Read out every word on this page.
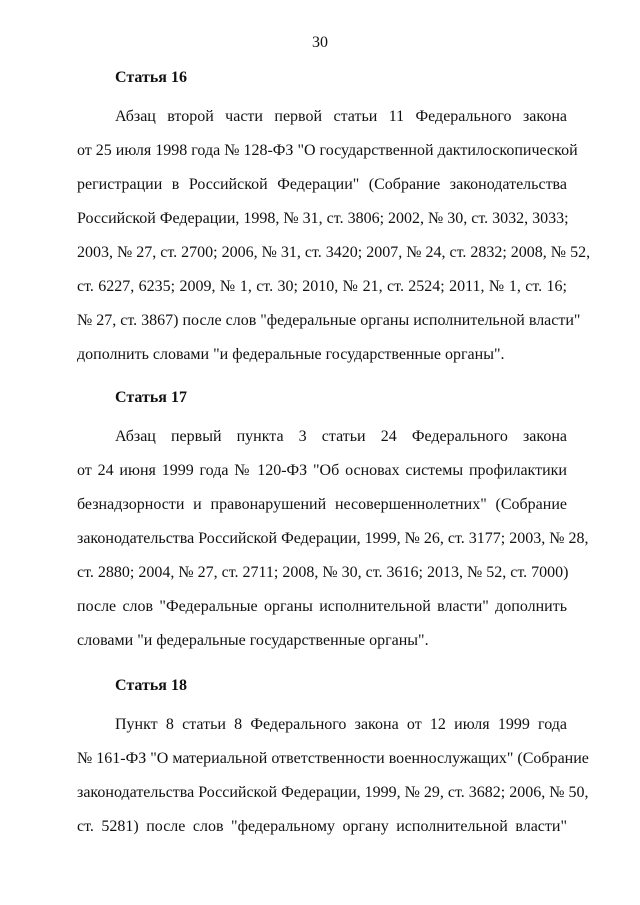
30
Статья 16
Абзац второй части первой статьи 11 Федерального закона
от 25 июля 1998 года № 128-ФЗ "О государственной дактилоскопической
регистрации в Российской Федерации" (Собрание законодательства
Российской Федерации, 1998, № 31, ст. 3806; 2002, № 30, ст. 3032, 3033;
2003, № 27, ст. 2700; 2006, № 31, ст. 3420; 2007, № 24, ст. 2832; 2008, № 52,
ст. 6227, 6235; 2009, № 1, ст. 30; 2010, № 21, ст. 2524; 2011, № 1, ст. 16;
№ 27, ст. 3867) после слов "федеральные органы исполнительной власти"
дополнить словами "и федеральные государственные органы".
Статья 17
Абзац первый пункта 3 статьи 24 Федерального закона
от 24 июня 1999 года № 120-ФЗ "Об основах системы профилактики
безнадзорности и правонарушений несовершеннолетних" (Собрание
законодательства Российской Федерации, 1999, № 26, ст. 3177; 2003, № 28,
ст. 2880; 2004, № 27, ст. 2711; 2008, № 30, ст. 3616; 2013, № 52, ст. 7000)
после слов "Федеральные органы исполнительной власти" дополнить
словами "и федеральные государственные органы".
Статья 18
Пункт 8 статьи 8 Федерального закона от 12 июля 1999 года
№ 161-ФЗ "О материальной ответственности военнослужащих" (Собрание
законодательства Российской Федерации, 1999, № 29, ст. 3682; 2006, № 50,
ст. 5281) после слов "федеральному органу исполнительной власти"
